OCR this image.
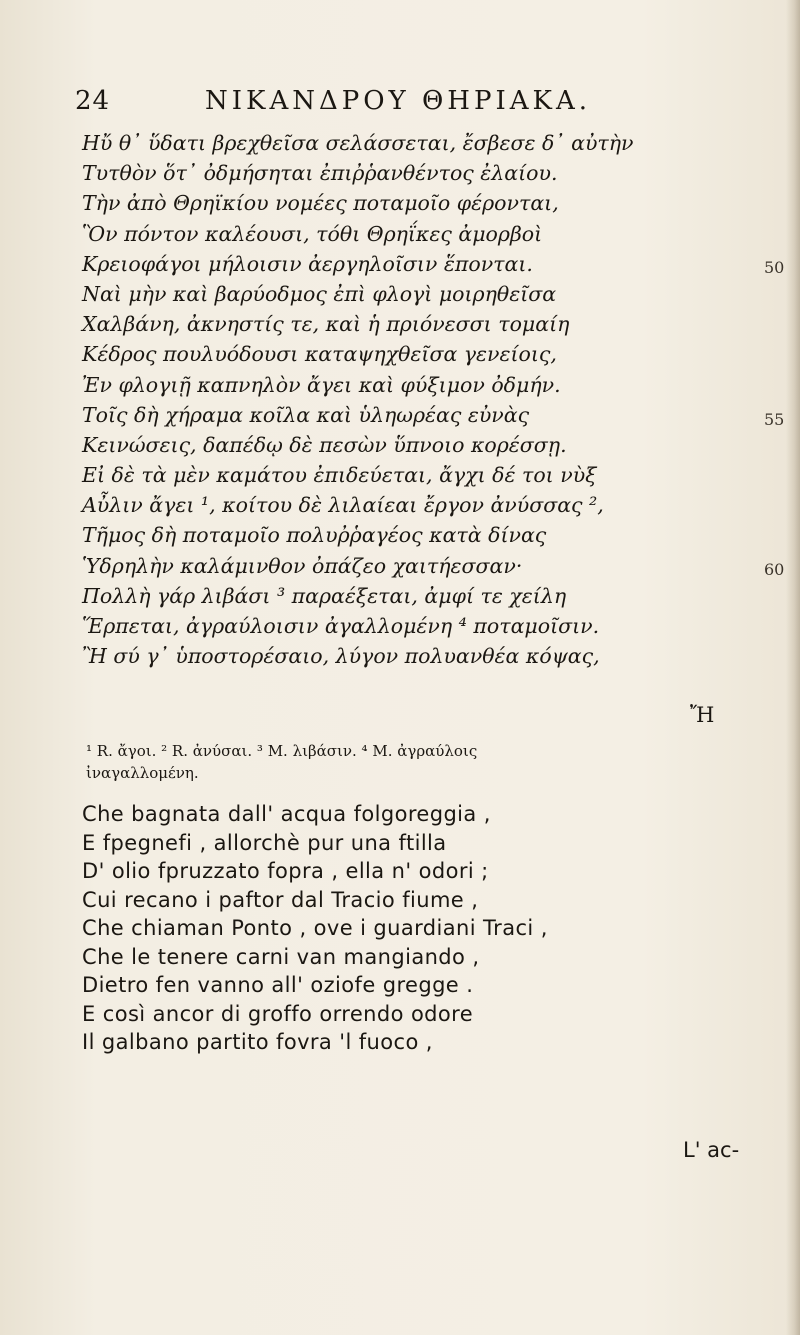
24	ΝΙΚΑΝΔΡΟΥ ΘΗΡΙΑΚΑ.
Ηὔ θ᾽ ὕδατι βρεχθεῖσα σελάσσεται, ἔσβεσε δ᾽ αὐτὴν
Τυτθὸν ὅτ᾽ ὀδμήσηται ἐπιῤῥανθέντος ἐλαίου.
Τὴν ἀπὸ Θρηϊκίου νομέες ποταμοῖο φέρονται,
Ὃν πόντον καλέουσι, τόθι Θρηΐκες ἀμορβοὶ
Κρειοφάγοι μήλοισιν ἀεργηλοῖσιν ἕπονται.
Ναὶ μὴν καὶ βαρύοδμος ἐπὶ φλογὶ μοιρηθεῖσα
Χαλβάνη, ἀκνηστίς τε, καὶ ἡ πριόνεσσι τομαίη
Κέδρος πουλυόδουσι καταψηχθεῖσα γενείοις,
Ἐν φλογιῇ καπνηλὸν ἄγει καὶ φύξιμον ὀδμήν.
Τοῖς δὴ χήραμα κοῖλα καὶ ὑληωρέας εὐνὰς
Κεινώσεις, δαπέδῳ δὲ πεσὼν ὕπνοιο κορέσσῃ.
Εἰ δὲ τὰ μὲν καμάτου ἐπιδεύεται, ἄγχι δέ τοι νὺξ
Αὖλιν ἄγει ¹, κοίτου δὲ λιλαίεαι ἔργον ἀνύσσας ²,
Τῆμος δὴ ποταμοῖο πολυῤῥαγέος κατὰ δίνας
Ὑδρηλὴν καλάμινθον ὀπάζεο χαιτήεσσαν·
Πολλὴ γάρ λιβάσι ³ παραέξεται, ἀμφί τε χείλη
Ἕρπεται, ἀγραύλοισιν ἀγαλλομένη ⁴ ποταμοῖσιν.
Ἢ σύ γ᾽ ὑποστορέσαιο, λύγον πολυανθέα κόψας,
Ἤ
50
55
60
¹ R. ἄγοι. ² R. ἀνύσαι. ³ M. λιβάσιν. ⁴ M. ἀγραύλοις
ἰναγαλλομένη.
Che bagnata dall' acqua folgoreggia ,
E fpegnefi , allorchè pur una ftilla
D' olio fpruzzato fopra , ella n' odori ;
Cui recano i paftor dal Tracio fiume ,
Che chiaman Ponto , ove i guardiani Traci ,
Che le tenere carni van mangiando ,
Dietro fen vanno all' oziofe gregge .
E così ancor di groffo orrendo odore
Il galbano partito fovra 'l fuoco ,
L' ac-
